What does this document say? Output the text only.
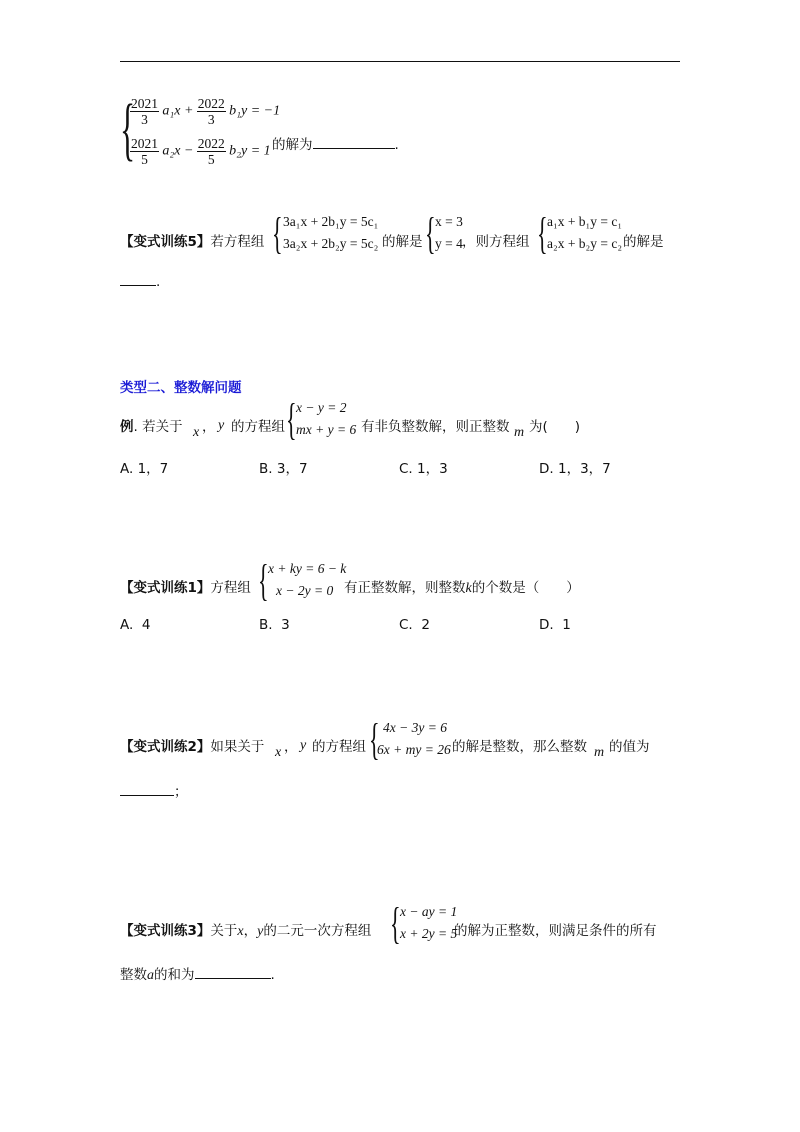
{
$\frac{2021}{3} a_1x + \frac{2022}{3} b_1y = -1$
$\frac{2021}{5} a_2x - \frac{2022}{5} b_2y = 1$ 的解为	.
【变式训练5】若方程组 { 3a₁x + 2b₁y = 5c₁
3a₂x + 2b₂y = 5c₂ 的解是 { x = 3
y = 4 ，则方程组 { a₁x + b₁y = c₁
a₂x + b₂y = c₂ 的解是
.
类型二、整数解问题
例. 若关于 x ， y 的方程组 { x − y = 2
mx + y = 6 有非负整数解，则正整数 m 为(　　)
A. 1，7	B. 3，7	C. 1，3	D. 1，3，7
【变式训练1】方程组 { x + ky = 6 − k
x − 2y = 0 有正整数解，则整数k的个数是（　　）
A. 4	B. 3	C. 2	D. 1
【变式训练2】如果关于 x ， y 的方程组 { 4x − 3y = 6
6x + my = 26 的解是整数，那么整数 m 的值为
；
【变式训练3】关于x，y的二元一次方程组 { x − ay = 1
x + 2y = 5
的解为正整数，则满足条件的所有
整数a的和为	.
